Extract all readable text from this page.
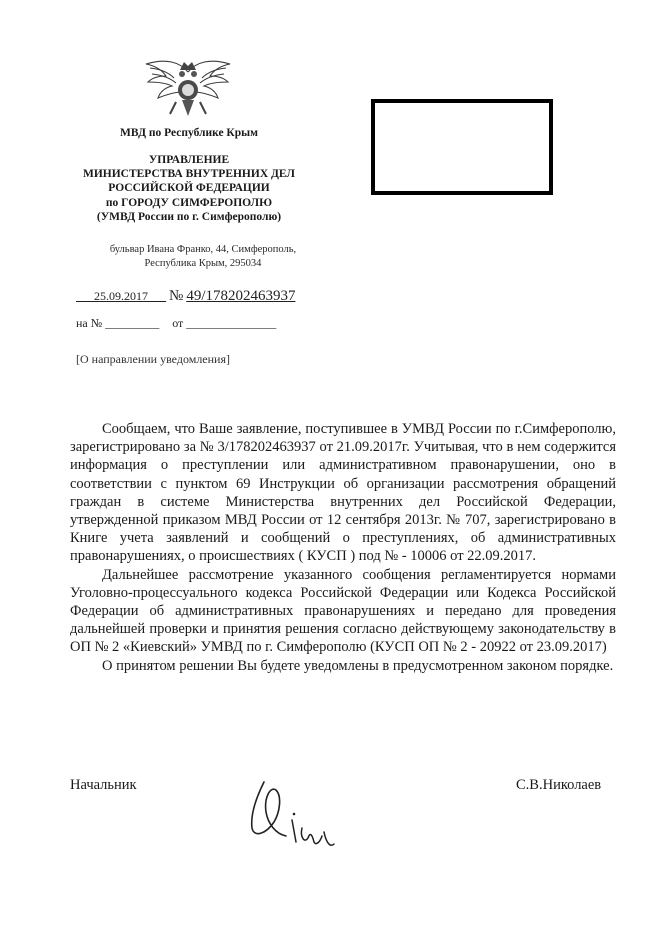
МВД по Республике Крым
УПРАВЛЕНИЕ
МИНИСТЕРСТВА ВНУТРЕННИХ ДЕЛ
РОССИЙСКОЙ ФЕДЕРАЦИИ
по ГОРОДУ СИМФЕРОПОЛЮ
(УМВД России по г. Симферополю)
бульвар Ивана Франко, 44, Симферополь,
Республика Крым, 295034
___25.09.2017___ № 49/178202463937
на № _________ от _______________
[О направлении уведомления]

Сообщаем, что Ваше заявление, поступившее в УМВД России по г.Симферополю, зарегистрировано за № 3/178202463937 от 21.09.2017г. Учитывая, что в нем содержится информация о преступлении или административном правонарушении, оно в соответствии с пунктом 69 Инструкции об организации рассмотрения обращений граждан в системе Министерства внутренних дел Российской Федерации, утвержденной приказом МВД России от 12 сентября 2013г. № 707, зарегистрировано в Книге учета заявлений и сообщений о преступлениях, об административных правонарушениях, о происшествиях ( КУСП ) под № - 10006 от 22.09.2017.

Дальнейшее рассмотрение указанного сообщения регламентируется нормами Уголовно-процессуального кодекса Российской Федерации или Кодекса Российской Федерации об административных правонарушениях и передано для проведения дальнейшей проверки и принятия решения согласно действующему законодательству в ОП № 2 «Киевский» УМВД по г. Симферополю (КУСП ОП № 2 - 20922 от 23.09.2017)

О принятом решении Вы будете уведомлены в предусмотренном законом порядке.

Начальник	С.В.Николаев
